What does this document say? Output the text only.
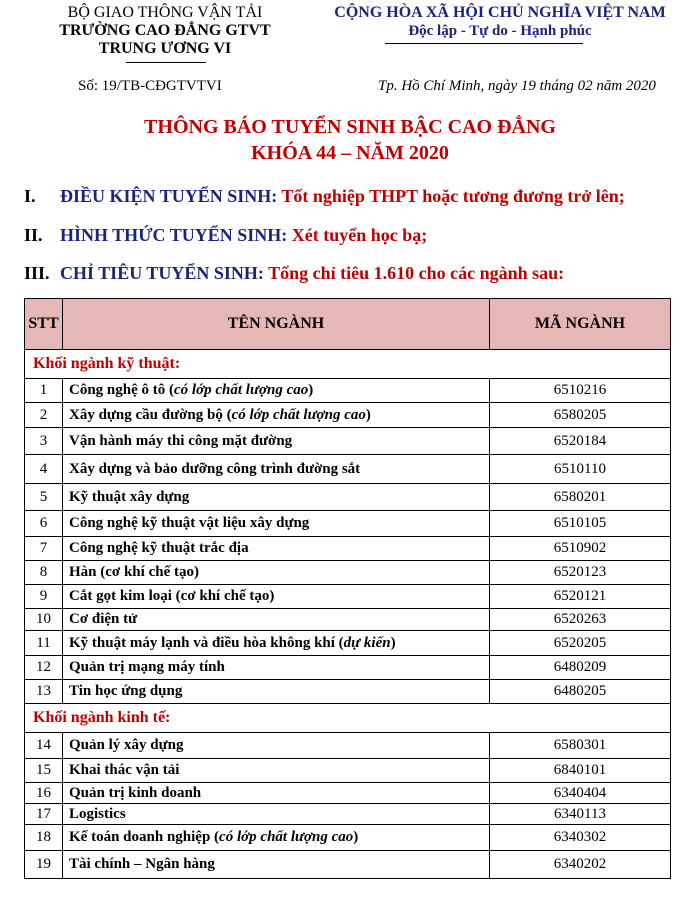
BỘ GIAO THÔNG VẬN TẢI
TRƯỜNG CAO ĐẲNG GTVT
TRUNG ƯƠNG VI
CỘNG HÒA XÃ HỘI CHỦ NGHĨA VIỆT NAM
Độc lập - Tự do - Hạnh phúc
Số: 19/TB-CĐGTVTVI	Tp. Hồ Chí Minh, ngày 19 tháng 02 năm 2020
THÔNG BÁO TUYỂN SINH BẬC CAO ĐẲNG
KHÓA 44 – NĂM 2020
I. ĐIỀU KIỆN TUYỂN SINH: Tốt nghiệp THPT hoặc tương đương trở lên;
II. HÌNH THỨC TUYỂN SINH: Xét tuyển học bạ;
III. CHỈ TIÊU TUYỂN SINH: Tổng chỉ tiêu 1.610 cho các ngành sau:
STT	TÊN NGÀNH	MÃ NGÀNH
Khối ngành kỹ thuật:		
1	Công nghệ ô tô (có lớp chất lượng cao)	6510216
2	Xây dựng cầu đường bộ (có lớp chất lượng cao)	6580205
3	Vận hành máy thi công mặt đường	6520184
4	Xây dựng và bảo dưỡng công trình đường sắt	6510110
5	Kỹ thuật xây dựng	6580201
6	Công nghệ kỹ thuật vật liệu xây dựng	6510105
7	Công nghệ kỹ thuật trắc địa	6510902
8	Hàn (cơ khí chế tạo)	6520123
9	Cắt gọt kim loại (cơ khí chế tạo)	6520121
10	Cơ điện tử	6520263
11	Kỹ thuật máy lạnh và điều hòa không khí (dự kiến)	6520205
12	Quản trị mạng máy tính	6480209
13	Tin học ứng dụng	6480205
Khối ngành kinh tế:		
14	Quản lý xây dựng	6580301
15	Khai thác vận tải	6840101
16	Quản trị kinh doanh	6340404
17	Logistics	6340113
18	Kế toán doanh nghiệp (có lớp chất lượng cao)	6340302
19	Tài chính – Ngân hàng	6340202
